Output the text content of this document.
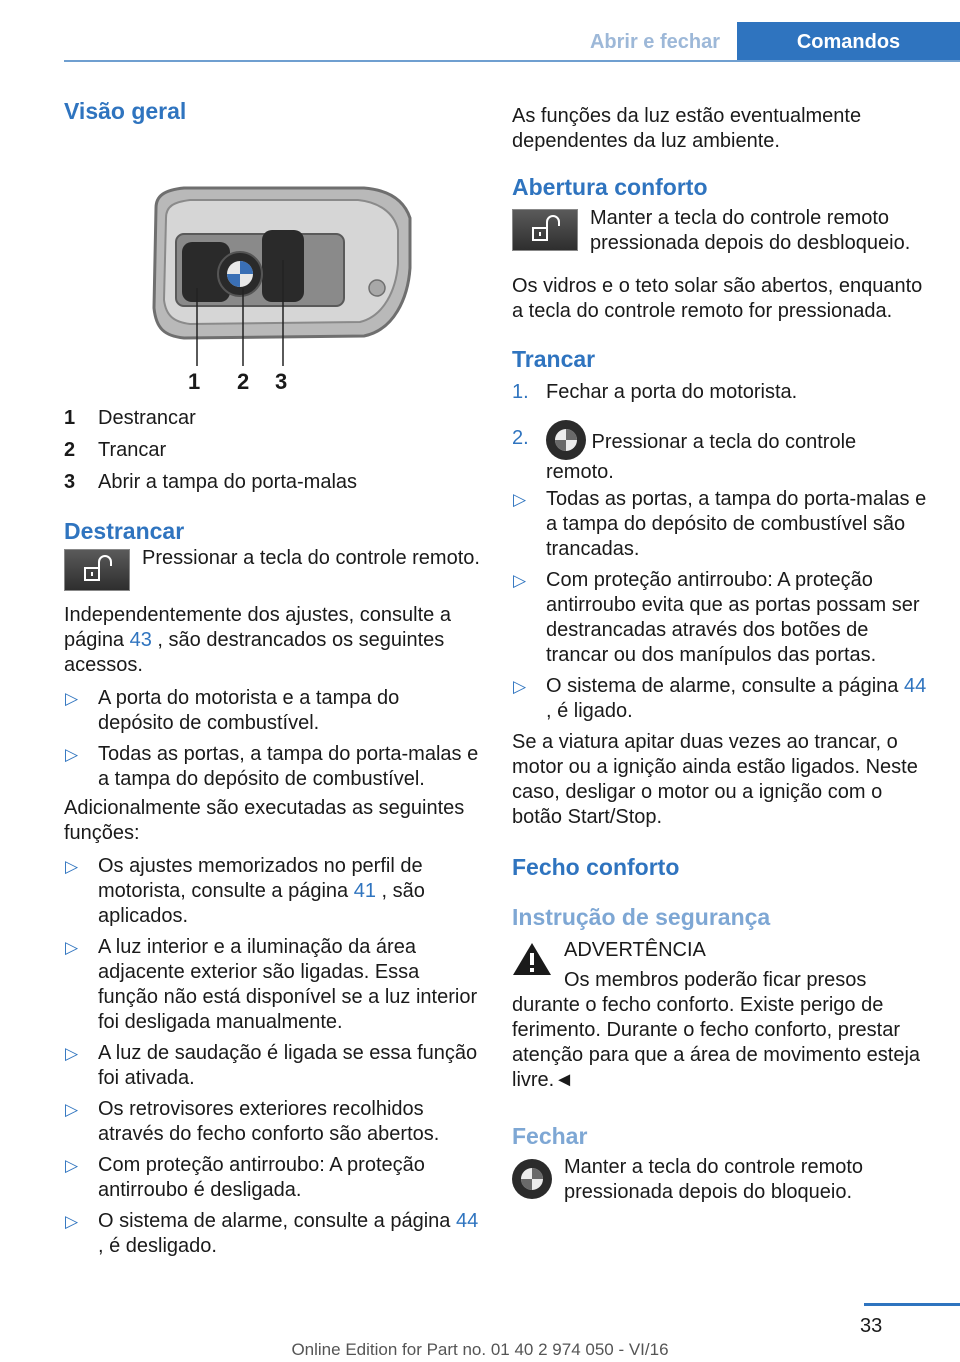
Abrir e fechar	Comandos
Visão geral
1 2 3
1 Destrancar
2 Trancar
3 Abrir a tampa do porta-malas
Destrancar

Pressionar a tecla do controle remoto.

Independentemente dos ajustes, consulte a página 43 , são destrancados os seguintes acessos.

▷ A porta do motorista e a tampa do depósito de combustível.
▷ Todas as portas, a tampa do porta-malas e a tampa do depósito de combustível.

Adicionalmente são executadas as seguintes funções:

▷ Os ajustes memorizados no perfil de motorista, consulte a página 41 , são aplicados.
▷ A luz interior e a iluminação da área adjacente exterior são ligadas. Essa função não está disponível se a luz interior foi desligada manualmente.
▷ A luz de saudação é ligada se essa função foi ativada.
▷ Os retrovisores exteriores recolhidos através do fecho conforto são abertos.
▷ Com proteção antirroubo: A proteção antirroubo é desligada.
▷ O sistema de alarme, consulte a página 44 , é desligado.

As funções da luz estão eventualmente dependentes da luz ambiente.

Abertura conforto

Manter a tecla do controle remoto pressionada depois do desbloqueio.

Os vidros e o teto solar são abertos, enquanto a tecla do controle remoto for pressionada.

Trancar
1. Fechar a porta do motorista.
2.	Pressionar a tecla do controle remoto.
▷ Todas as portas, a tampa do porta-malas e a tampa do depósito de combustível são trancadas.
▷ Com proteção antirroubo: A proteção antirroubo evita que as portas possam ser destrancadas através dos botões de trancar ou dos manípulos das portas.
▷ O sistema de alarme, consulte a página 44 , é ligado.

Se a viatura apitar duas vezes ao trancar, o motor ou a ignição ainda estão ligados. Neste caso, desligar o motor ou a ignição com o botão Start/Stop.

Fecho conforto
Instrução de segurança

ADVERTÊNCIA

Os membros poderão ficar presos durante o fecho conforto. Existe perigo de ferimento. Durante o fecho conforto, prestar atenção para que a área de movimento esteja livre.◄

Fechar

Manter a tecla do controle remoto pressionada depois do bloqueio.

33
Online Edition for Part no. 01 40 2 974 050 - VI/16
